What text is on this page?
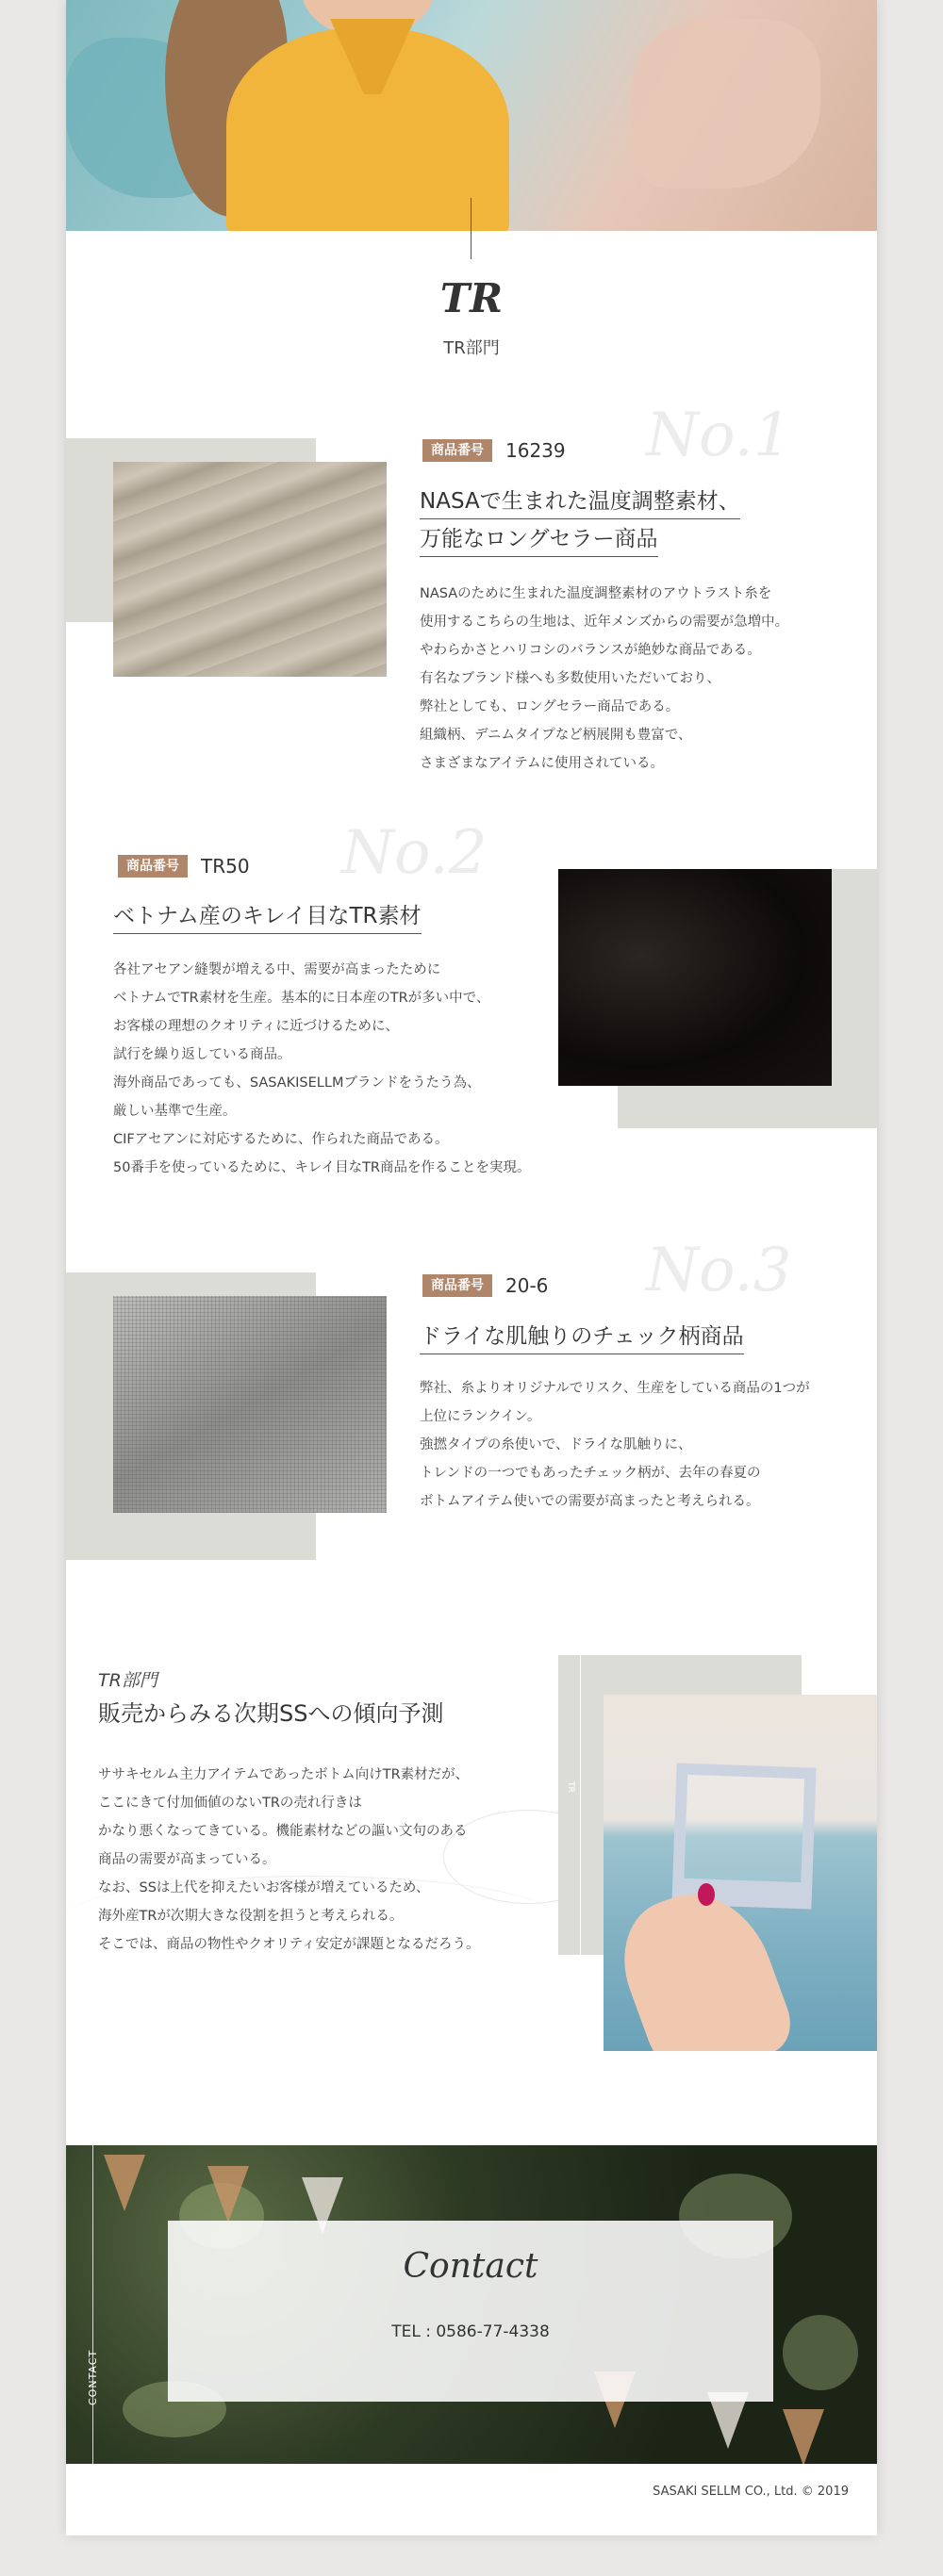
TR
TR部門
No.1
商品番号	16239
NASAで生まれた温度調整素材、
万能なロングセラー商品
NASAのために生まれた温度調整素材のアウトラスト糸を
使用するこちらの生地は、近年メンズからの需要が急増中。
やわらかさとハリコシのバランスが絶妙な商品である。
有名なブランド様へも多数使用いただいており、
弊社としても、ロングセラー商品である。
組織柄、デニムタイプなど柄展開も豊富で、
さまざまなアイテムに使用されている。
No.2
商品番号	TR50
ベトナム産のキレイ目なTR素材
各社アセアン縫製が増える中、需要が高まったために
ベトナムでTR素材を生産。基本的に日本産のTRが多い中で、
お客様の理想のクオリティに近づけるために、
試行を繰り返している商品。
海外商品であっても、SASAKISELLMブランドをうたう為、
厳しい基準で生産。
CIFアセアンに対応するために、作られた商品である。
50番手を使っているために、キレイ目なTR商品を作ることを実現。
No.3
商品番号	20-6
ドライな肌触りのチェック柄商品
弊社、糸よりオリジナルでリスク、生産をしている商品の1つが
上位にランクイン。
強撚タイプの糸使いで、ドライな肌触りに、
トレンドの一つでもあったチェック柄が、去年の春夏の
ボトムアイテム使いでの需要が高まったと考えられる。
TR部門
販売からみる次期SSへの傾向予測
ササキセルム主力アイテムであったボトム向けTR素材だが、
ここにきて付加価値のないTRの売れ行きは
かなり悪くなってきている。機能素材などの謳い文句のある
商品の需要が高まっている。
なお、SSは上代を抑えたいお客様が増えているため、
海外産TRが次期大きな役割を担うと考えられる。
そこでは、商品の物性やクオリティ安定が課題となるだろう。
TR
Contact
TEL : 0586-77-4338
CONTACT
SASAKI SELLM CO., Ltd. © 2019
